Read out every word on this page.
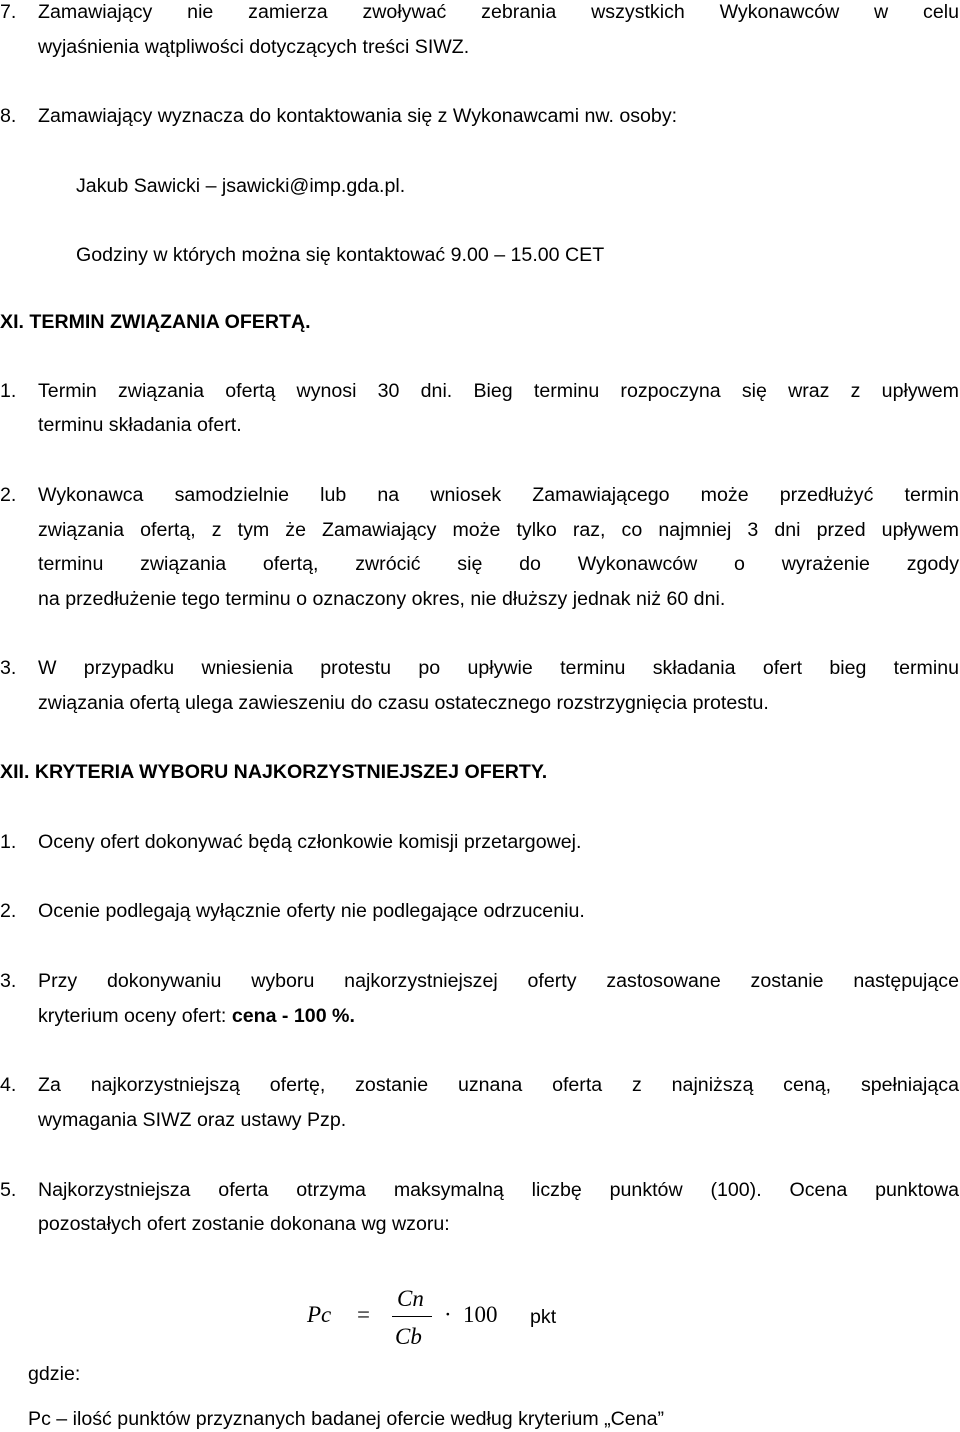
7. Zamawiający nie zamierza zwoływać zebrania wszystkich Wykonawców w celu
wyjaśnienia wątpliwości dotyczących treści SIWZ.
8. Zamawiający wyznacza do kontaktowania się z Wykonawcami nw. osoby:
Jakub Sawicki – jsawicki@imp.gda.pl.
Godziny w których można się kontaktować 9.00 – 15.00 CET
XI. TERMIN ZWIĄZANIA OFERTĄ.
1. Termin związania ofertą wynosi 30 dni. Bieg terminu rozpoczyna się wraz z upływem
terminu składania ofert.
2. Wykonawca samodzielnie lub na wniosek Zamawiającego może przedłużyć termin
związania ofertą, z tym że Zamawiający może tylko raz, co najmniej 3 dni przed upływem
terminu związania ofertą, zwrócić się do Wykonawców o wyrażenie zgody
na przedłużenie tego terminu o oznaczony okres, nie dłuższy jednak niż 60 dni.
3. W przypadku wniesienia protestu po upływie terminu składania ofert bieg terminu
związania ofertą ulega zawieszeniu do czasu ostatecznego rozstrzygnięcia protestu.
XII. KRYTERIA WYBORU NAJKORZYSTNIEJSZEJ OFERTY.
1. Oceny ofert dokonywać będą członkowie komisji przetargowej.
2. Ocenie podlegają wyłącznie oferty nie podlegające odrzuceniu.
3. Przy dokonywaniu wyboru najkorzystniejszej oferty zastosowane zostanie następujące
kryterium oceny ofert: cena - 100 %.
4. Za najkorzystniejszą ofertę, zostanie uznana oferta z najniższą ceną, spełniająca
wymagania SIWZ oraz ustawy Pzp.
5. Najkorzystniejsza oferta otrzyma maksymalną liczbę punktów (100). Ocena punktowa
pozostałych ofert zostanie dokonana wg wzoru:
Pc =
Cn
Cb
· 100 pkt
gdzie:
Pc – ilość punktów przyznanych badanej ofercie według kryterium „Cena”
